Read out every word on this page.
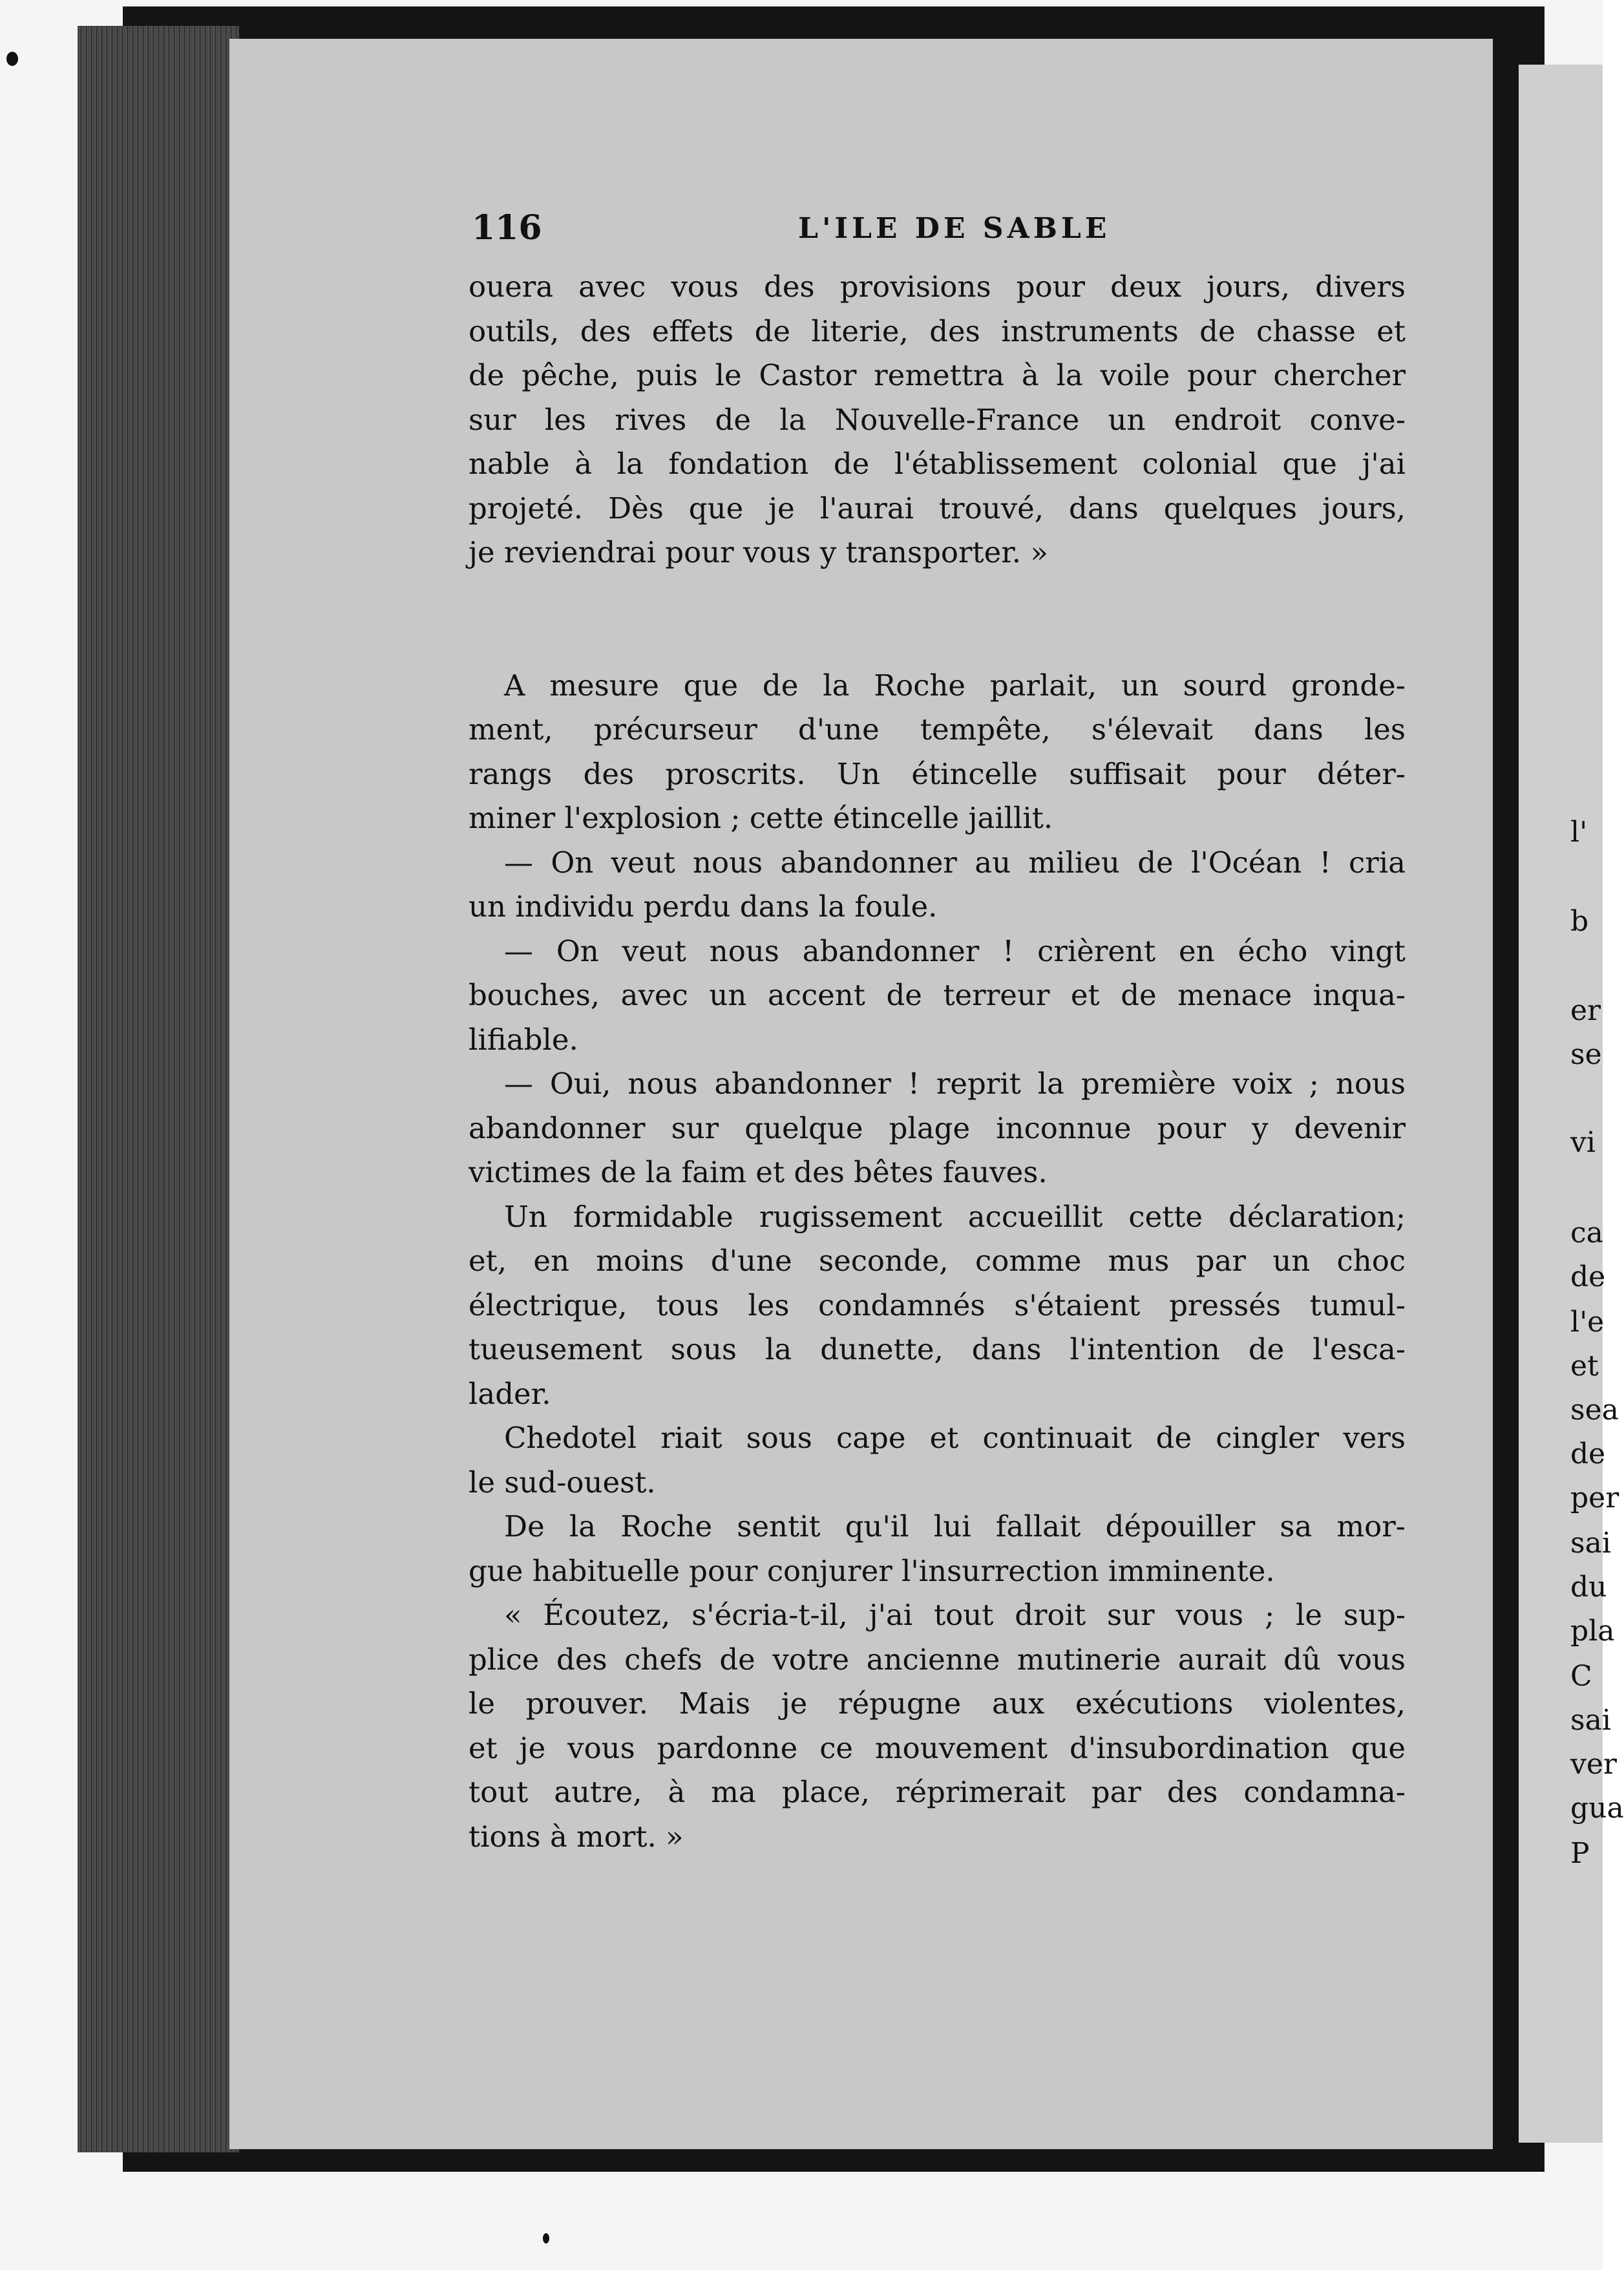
116	L'ILE DE SABLE
ouera avec vous des provisions pour deux jours, divers
outils, des effets de literie, des instruments de chasse et
de pêche, puis le Castor remettra à la voile pour chercher
sur les rives de la Nouvelle-France un endroit conve-
nable à la fondation de l'établissement colonial que j'ai
projeté. Dès que je l'aurai trouvé, dans quelques jours,
je reviendrai pour vous y transporter. »
A mesure que de la Roche parlait, un sourd grondе-
ment, précurseur d'une tempête, s'élevait dans les
rangs des proscrits. Un étincelle suffisait pour déter-
miner l'explosion ; cette étincelle jaillit.
— On veut nous abandonner au milieu de l'Océan ! cria
un individu perdu dans la foule.
— On veut nous abandonner ! crièrent en écho vingt
bouches, avec un accent de terreur et de menace inqua-
lifiable.
— Oui, nous abandonner ! reprit la première voix ; nous
abandonner sur quelque plage inconnue pour y devenir
victimes de la faim et des bêtes fauves.
Un formidable rugissement accueillit cette déclaration;
et, en moins d'une seconde, comme mus par un choc
électrique, tous les condamnés s'étaient pressés tumul-
tueusement sous la dunette, dans l'intention de l'esca-
lader.
Chedotel riait sous cape et continuait de cingler vers
le sud-ouest.
De la Roche sentit qu'il lui fallait dépouiller sa mor-
gue habituelle pour conjurer l'insurrection imminente.
« Écoutez, s'écria-t-il, j'ai tout droit sur vous ; le sup-
plice des chefs de votre ancienne mutinerie aurait dû vous
le prouver. Mais je répugne aux exécutions violentes,
et je vous pardonne ce mouvement d'insubordination que
tout autre, à ma place, réprimerait par des condamna-
tions à mort. »
l'
b
er
se
vi
ca
de
l'e
et
sea
de
per
sai
du
pla
C
sai
ver
gua
P
